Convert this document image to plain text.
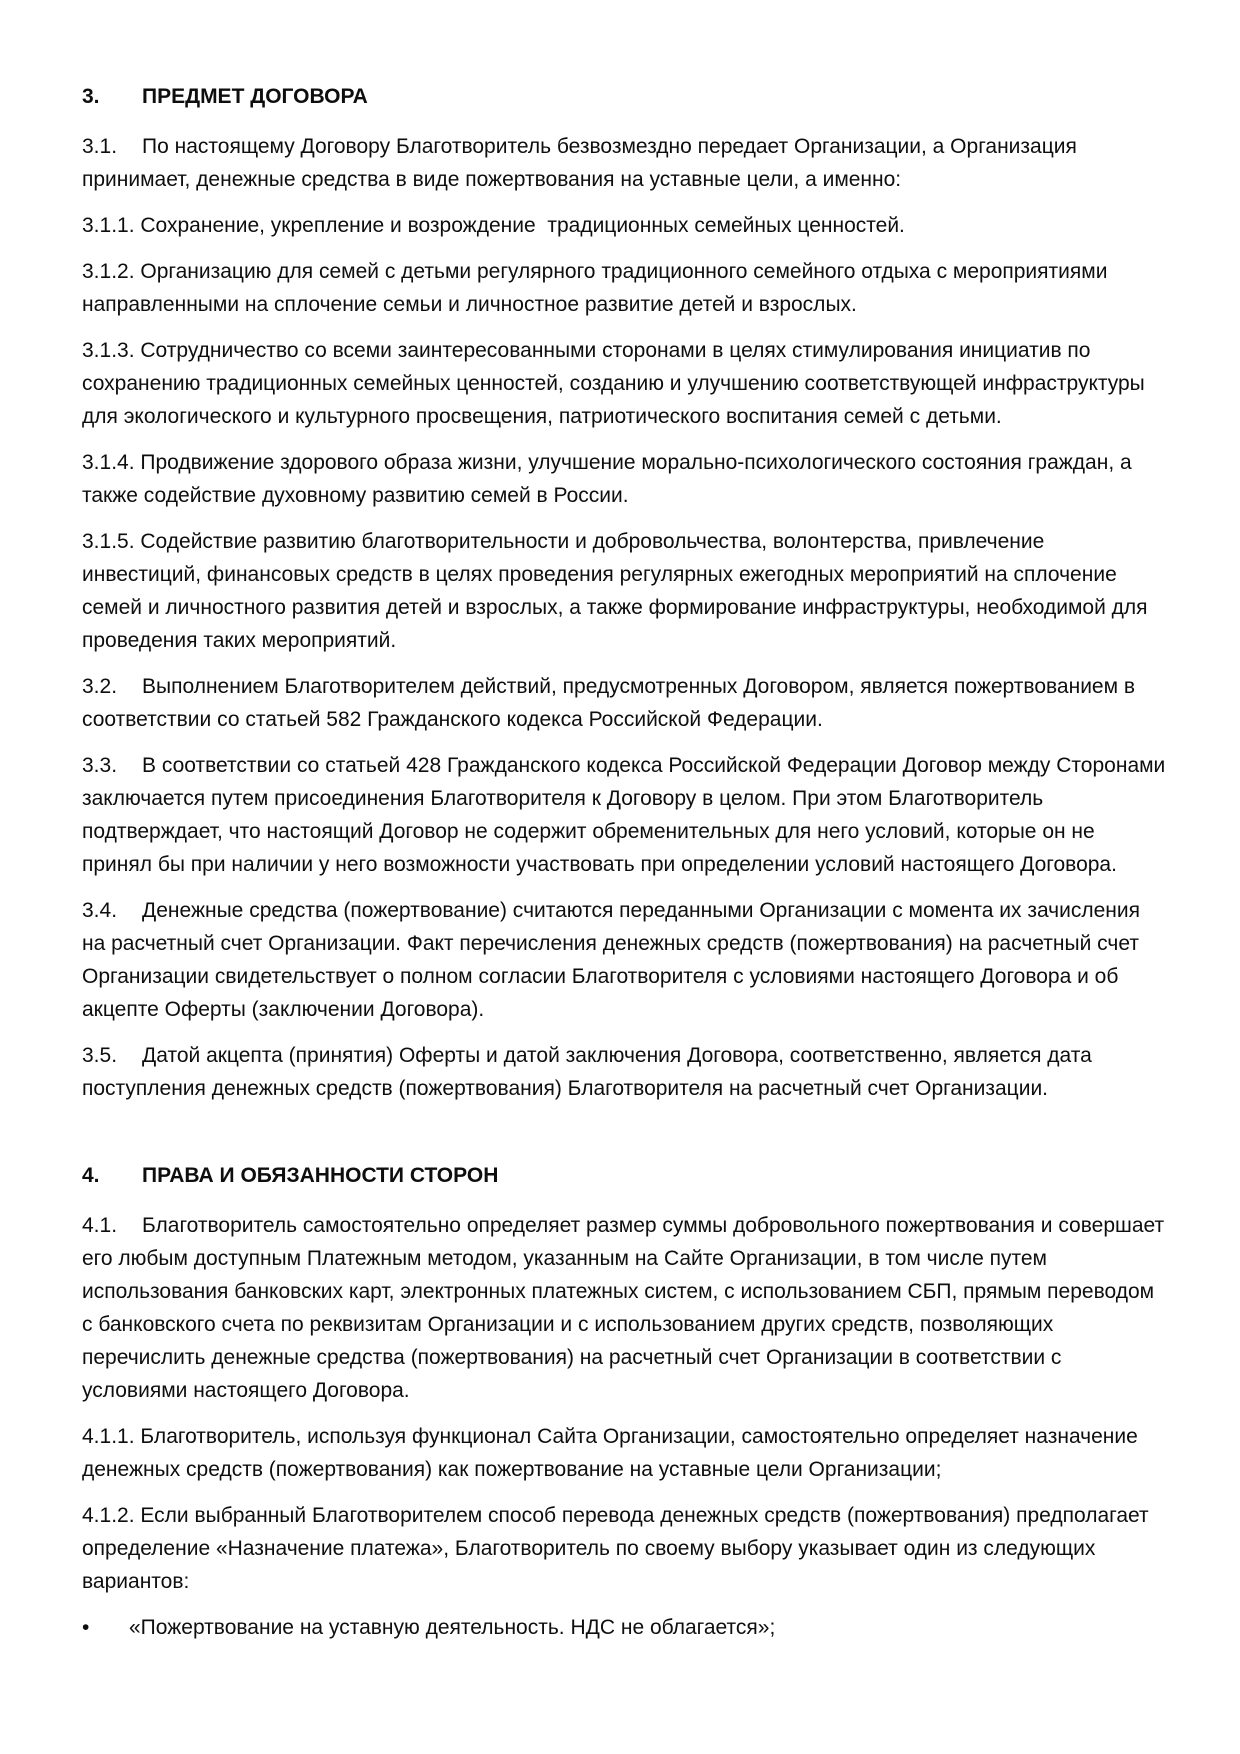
3. ПРЕДМЕТ ДОГОВОРА

3.1. По настоящему Договору Благотворитель безвозмездно передает Организации, а Организация принимает, денежные средства в виде пожертвования на уставные цели, а именно:

3.1.1. Сохранение, укрепление и возрождение  традиционных семейных ценностей.

3.1.2. Организацию для семей с детьми регулярного традиционного семейного отдыха с мероприятиями направленными на сплочение семьи и личностное развитие детей и взрослых.

3.1.3. Сотрудничество со всеми заинтересованными сторонами в целях стимулирования инициатив по сохранению традиционных семейных ценностей, созданию и улучшению соответствующей инфраструктуры для экологического и культурного просвещения, патриотического воспитания семей с детьми.

3.1.4. Продвижение здорового образа жизни, улучшение морально-психологического состояния граждан, а также содействие духовному развитию семей в России.

3.1.5. Содействие развитию благотворительности и добровольчества, волонтерства, привлечение инвестиций, финансовых средств в целях проведения регулярных ежегодных мероприятий на сплочение семей и личностного развития детей и взрослых, а также формирование инфраструктуры, необходимой для проведения таких мероприятий.

3.2. Выполнением Благотворителем действий, предусмотренных Договором, является пожертвованием в соответствии со статьей 582 Гражданского кодекса Российской Федерации.

3.3. В соответствии со статьей 428 Гражданского кодекса Российской Федерации Договор между Сторонами заключается путем присоединения Благотворителя к Договору в целом. При этом Благотворитель подтверждает, что настоящий Договор не содержит обременительных для него условий, которые он не принял бы при наличии у него возможности участвовать при определении условий настоящего Договора.

3.4. Денежные средства (пожертвование) считаются переданными Организации с момента их зачисления на расчетный счет Организации. Факт перечисления денежных средств (пожертвования) на расчетный счет Организации свидетельствует о полном согласии Благотворителя с условиями настоящего Договора и об акцепте Оферты (заключении Договора).

3.5. Датой акцепта (принятия) Оферты и датой заключения Договора, соответственно, является дата поступления денежных средств (пожертвования) Благотворителя на расчетный счет Организации.

4. ПРАВА И ОБЯЗАННОСТИ СТОРОН

4.1. Благотворитель самостоятельно определяет размер суммы добровольного пожертвования и совершает его любым доступным Платежным методом, указанным на Сайте Организации, в том числе путем использования банковских карт, электронных платежных систем, с использованием СБП, прямым переводом с банковского счета по реквизитам Организации и с использованием других средств, позволяющих перечислить денежные средства (пожертвования) на расчетный счет Организации в соответствии с условиями настоящего Договора.

4.1.1. Благотворитель, используя функционал Сайта Организации, самостоятельно определяет назначение денежных средств (пожертвования) как пожертвование на уставные цели Организации;

4.1.2. Если выбранный Благотворителем способ перевода денежных средств (пожертвования) предполагает определение «Назначение платежа», Благотворитель по своему выбору указывает один из следующих вариантов:

• «Пожертвование на уставную деятельность. НДС не облагается»;
